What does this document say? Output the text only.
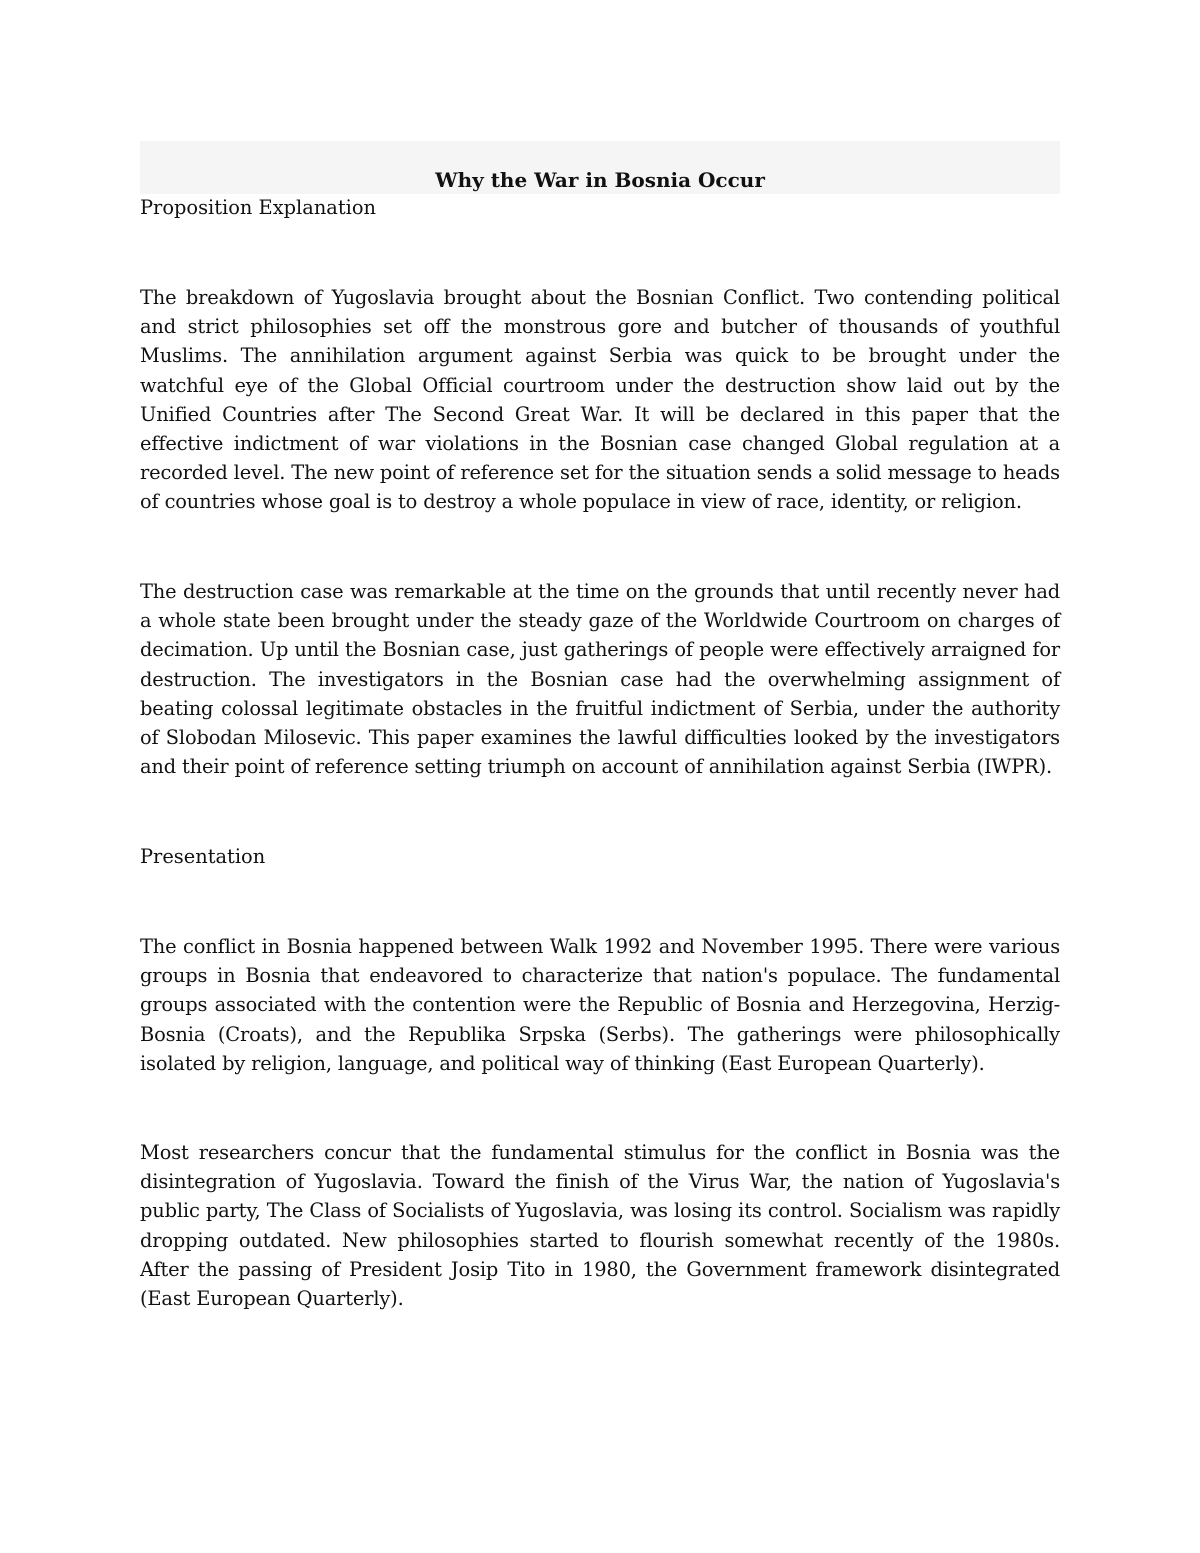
Why the War in Bosnia Occur

Proposition Explanation

The breakdown of Yugoslavia brought about the Bosnian Conflict. Two contending political and strict philosophies set off the monstrous gore and butcher of thousands of youthful Muslims. The annihilation argument against Serbia was quick to be brought under the watchful eye of the Global Official courtroom under the destruction show laid out by the Unified Countries after The Second Great War. It will be declared in this paper that the effective indictment of war violations in the Bosnian case changed Global regulation at a recorded level. The new point of reference set for the situation sends a solid message to heads of countries whose goal is to destroy a whole populace in view of race, identity, or religion.

The destruction case was remarkable at the time on the grounds that until recently never had a whole state been brought under the steady gaze of the Worldwide Courtroom on charges of decimation. Up until the Bosnian case, just gatherings of people were effectively arraigned for destruction. The investigators in the Bosnian case had the overwhelming assignment of beating colossal legitimate obstacles in the fruitful indictment of Serbia, under the authority of Slobodan Milosevic. This paper examines the lawful difficulties looked by the investigators and their point of reference setting triumph on account of annihilation against Serbia (IWPR).

Presentation

The conflict in Bosnia happened between Walk 1992 and November 1995. There were various groups in Bosnia that endeavored to characterize that nation's populace. The fundamental groups associated with the contention were the Republic of Bosnia and Herzegovina, Herzig-Bosnia (Croats), and the Republika Srpska (Serbs). The gatherings were philosophically isolated by religion, language, and political way of thinking (East European Quarterly).

Most researchers concur that the fundamental stimulus for the conflict in Bosnia was the disintegration of Yugoslavia. Toward the finish of the Virus War, the nation of Yugoslavia's public party, The Class of Socialists of Yugoslavia, was losing its control. Socialism was rapidly dropping outdated. New philosophies started to flourish somewhat recently of the 1980s. After the passing of President Josip Tito in 1980, the Government framework disintegrated (East European Quarterly).
